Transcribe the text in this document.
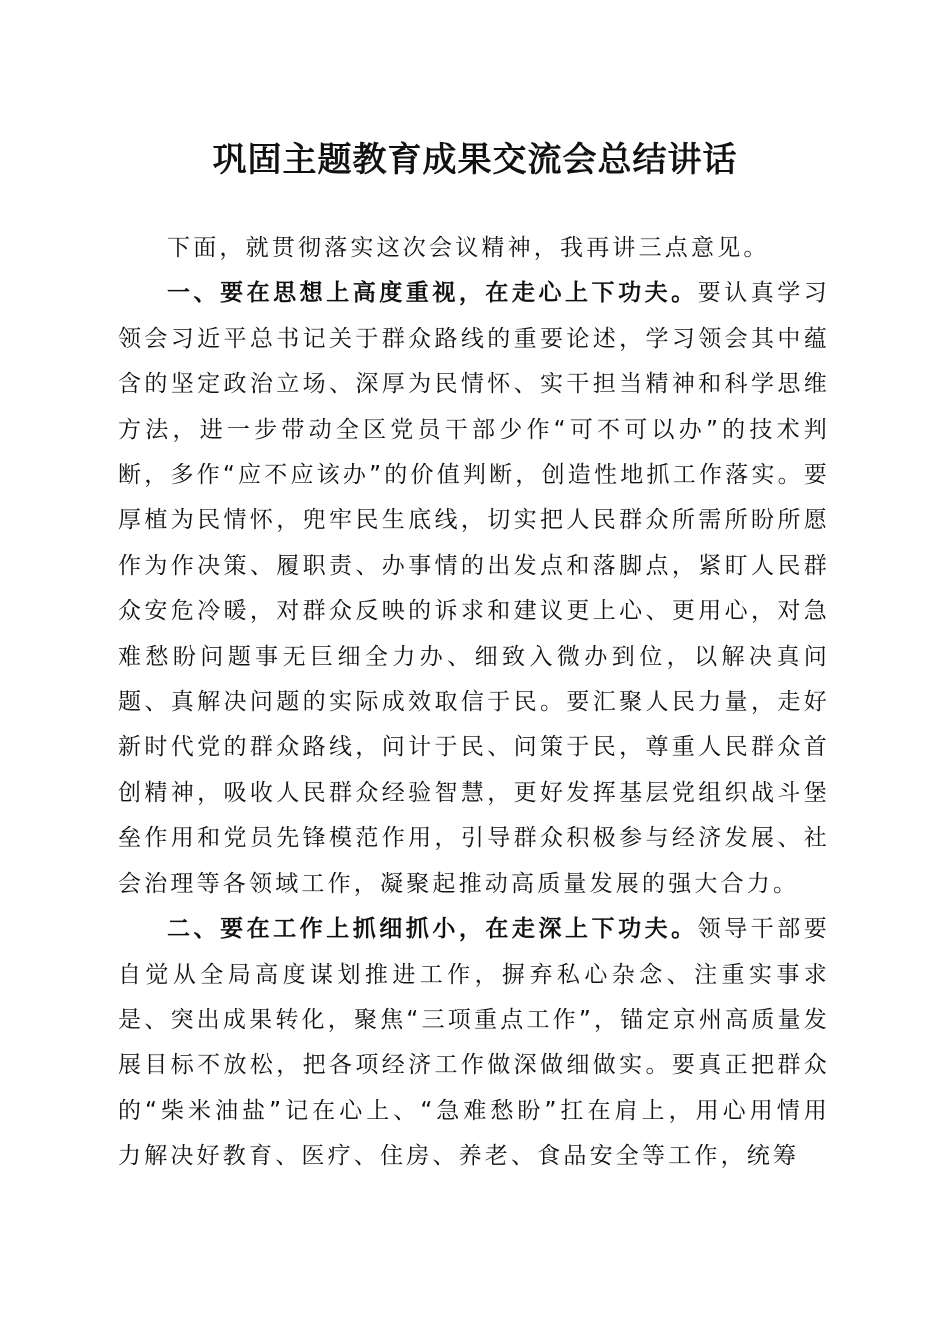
巩固主题教育成果交流会总结讲话

下面，就贯彻落实这次会议精神，我再讲三点意见。

一、要在思想上高度重视，在走心上下功夫。要认真学习领会习近平总书记关于群众路线的重要论述，学习领会其中蕴含的坚定政治立场、深厚为民情怀、实干担当精神和科学思维方法，进一步带动全区党员干部少作“可不可以办”的技术判断，多作“应不应该办”的价值判断，创造性地抓工作落实。要厚植为民情怀，兜牢民生底线，切实把人民群众所需所盼所愿作为作决策、履职责、办事情的出发点和落脚点，紧盯人民群众安危冷暖，对群众反映的诉求和建议更上心、更用心，对急难愁盼问题事无巨细全力办、细致入微办到位，以解决真问题、真解决问题的实际成效取信于民。要汇聚人民力量，走好新时代党的群众路线，问计于民、问策于民，尊重人民群众首创精神，吸收人民群众经验智慧，更好发挥基层党组织战斗堡垒作用和党员先锋模范作用，引导群众积极参与经济发展、社会治理等各领域工作，凝聚起推动高质量发展的强大合力。

二、要在工作上抓细抓小，在走深上下功夫。领导干部要自觉从全局高度谋划推进工作，摒弃私心杂念、注重实事求是、突出成果转化，聚焦“三项重点工作”，锚定京州高质量发展目标不放松，把各项经济工作做深做细做实。要真正把群众的“柴米油盐”记在心上、“急难愁盼”扛在肩上，用心用情用力解决好教育、医疗、住房、养老、食品安全等工作，统筹
